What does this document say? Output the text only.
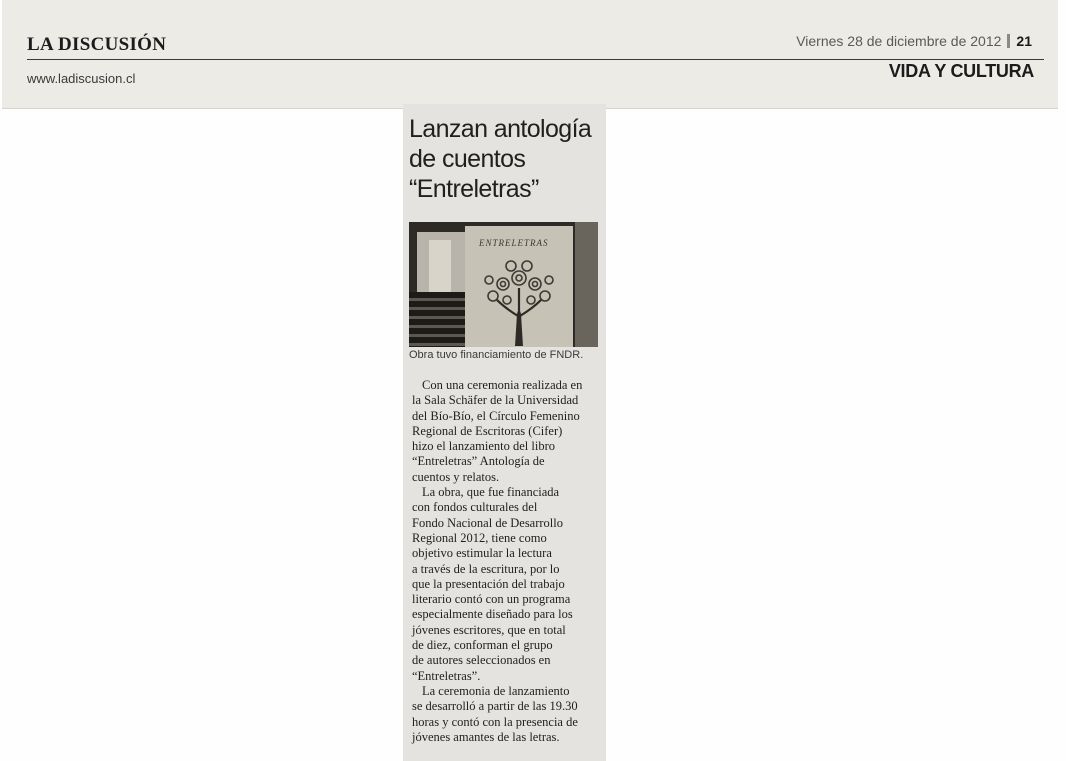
LA DISCUSIÓN
www.ladiscusion.cl
Viernes 28 de diciembre de 2012 21
VIDA Y CULTURA
Lanzan antología de cuentos “Entreletras”
ENTRELETRAS
Obra tuvo financiamiento de FNDR.

Con una ceremonia realizada en
la Sala Schäfer de la Universidad
del Bío-Bío, el Círculo Femenino
Regional de Escritoras (Cifer)
hizo el lanzamiento del libro
“Entreletras” Antología de
cuentos y relatos.

La obra, que fue financiada
con fondos culturales del
Fondo Nacional de Desarrollo
Regional 2012, tiene como
objetivo estimular la lectura
a través de la escritura, por lo
que la presentación del trabajo
literario contó con un programa
especialmente diseñado para los
jóvenes escritores, que en total
de diez, conforman el grupo
de autores seleccionados en
“Entreletras”.

La ceremonia de lanzamiento
se desarrolló a partir de las 19.30
horas y contó con la presencia de
jóvenes amantes de las letras.
